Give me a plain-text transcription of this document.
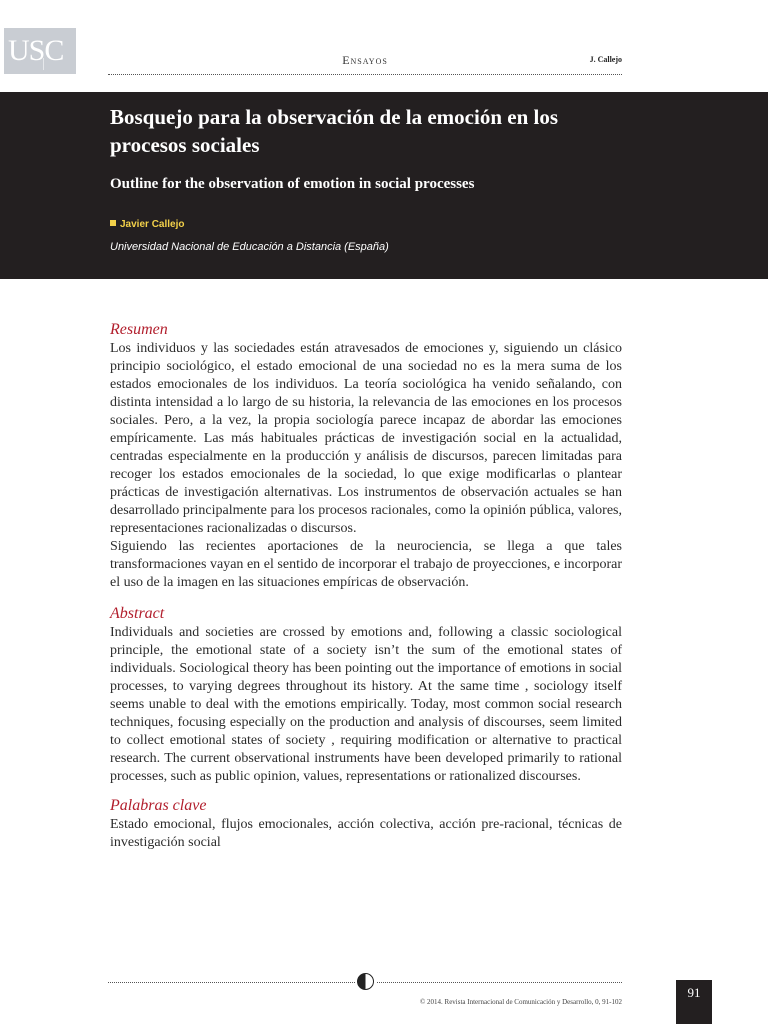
USC	Ensayos	J. Callejo
Bosquejo para la observación de la emoción en los procesos sociales
Outline for the observation of emotion in social processes
Javier Callejo
Universidad Nacional de Educación a Distancia (España)
Resumen

Los individuos y las sociedades están atravesados de emociones y, siguiendo un clásico principio sociológico, el estado emocional de una sociedad no es la mera suma de los estados emocionales de los individuos. La teoría sociológica ha venido señalando, con distinta intensidad a lo largo de su historia, la relevancia de las emociones en los procesos sociales. Pero, a la vez, la propia sociología parece incapaz de abordar las emociones empíricamente. Las más habituales prácticas de investigación social en la actualidad, centradas especialmente en la producción y análisis de discursos, parecen limitadas para recoger los estados emocionales de la sociedad, lo que exige modificarlas o plantear prácticas de investigación alternativas. Los instrumentos de observación actuales se han desarrollado principalmente para los procesos racionales, como la opinión pública, valores, representaciones racionalizadas o discursos.

Siguiendo las recientes aportaciones de la neurociencia, se llega a que tales transformaciones vayan en el sentido de incorporar el trabajo de proyecciones, e incorporar el uso de la imagen en las situaciones empíricas de observación.

Abstract

Individuals and societies are crossed by emotions and, following a classic sociological principle, the emotional state of a society isn’t the sum of the emotional states of individuals. Sociological theory has been pointing out the importance of emotions in social processes, to varying degrees throughout its history. At the same time , sociology itself seems unable to deal with the emotions empirically. Today, most common social research techniques, focusing especially on the production and analysis of discourses, seem limited to collect emotional states of society , requiring modification or alternative to practical research. The current observational instruments have been developed primarily to rational processes, such as public opinion, values, representations or rationalized discourses.

Palabras clave

Estado emocional, flujos emocionales, acción colectiva, acción pre-racional, técnicas de investigación social

© 2014. Revista Internacional de Comunicación y Desarrollo, 0, 91-102
91
